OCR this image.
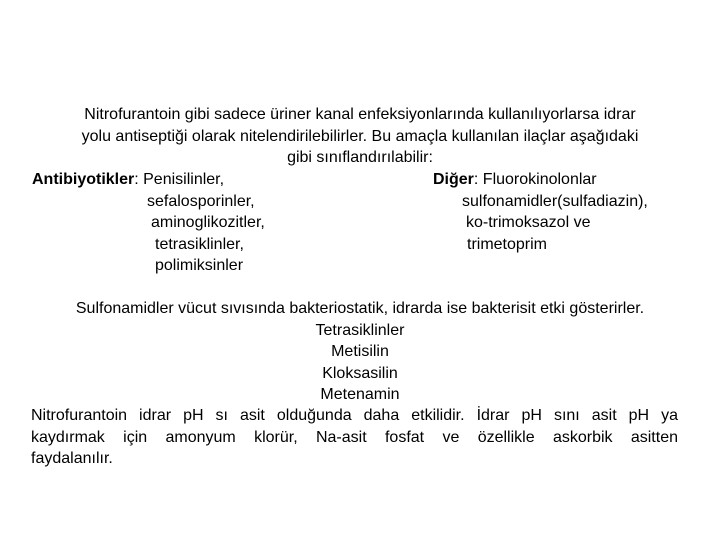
Nitrofurantoin gibi sadece üriner kanal enfeksiyonlarında kullanılıyorlarsa idrar
yolu antiseptiği olarak nitelendirilebilirler. Bu amaçla kullanılan ilaçlar aşağıdaki
gibi sınıflandırılabilir:
Antibiyotikler: Penisilinler,
sefalosporinler,
aminoglikozitler,
tetrasiklinler,
polimiksinler
Diğer: Fluorokinolonlar
sulfonamidler(sulfadiazin),
ko-trimoksazol ve
trimetoprim
Sulfonamidler vücut sıvısında bakteriostatik, idrarda ise bakterisit etki gösterirler.
Tetrasiklinler
Metisilin
Kloksasilin
Metenamin
Nitrofurantoin idrar pH sı asit olduğunda daha etkilidir. İdrar pH sını asit pH ya
kaydırmak için amonyum klorür, Na-asit fosfat ve özellikle askorbik asitten
faydalanılır.
